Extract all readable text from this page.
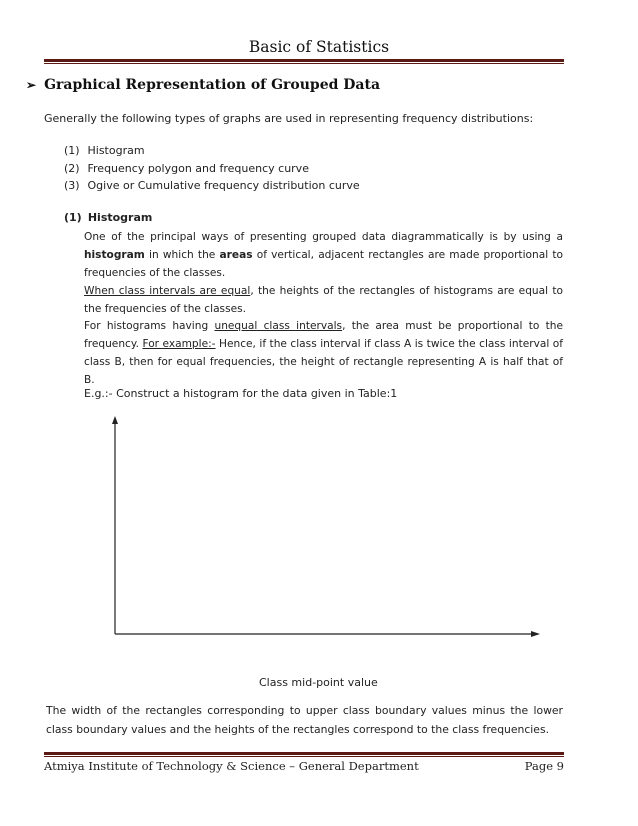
Basic of Statistics
➢ Graphical Representation of Grouped Data
Generally the following types of graphs are used in representing frequency distributions:
(1) Histogram
(2) Frequency polygon and frequency curve
(3) Ogive or Cumulative frequency distribution curve
(1) Histogram
One of the principal ways of presenting grouped data diagrammatically is by using a histogram in which the areas of vertical, adjacent rectangles are made proportional to frequencies of the classes.
When class intervals are equal, the heights of the rectangles of histograms are equal to the frequencies of the classes.
For histograms having unequal class intervals, the area must be proportional to the frequency. For example:- Hence, if the class interval if class A is twice the class interval of class B, then for equal frequencies, the height of rectangle representing A is half that of B.
E.g.:- Construct a histogram for the data given in Table:1
Class mid-point value
The width of the rectangles corresponding to upper class boundary values minus the lower class boundary values and the heights of the rectangles correspond to the class frequencies.
Atmiya Institute of Technology & Science – General Department	Page 9
